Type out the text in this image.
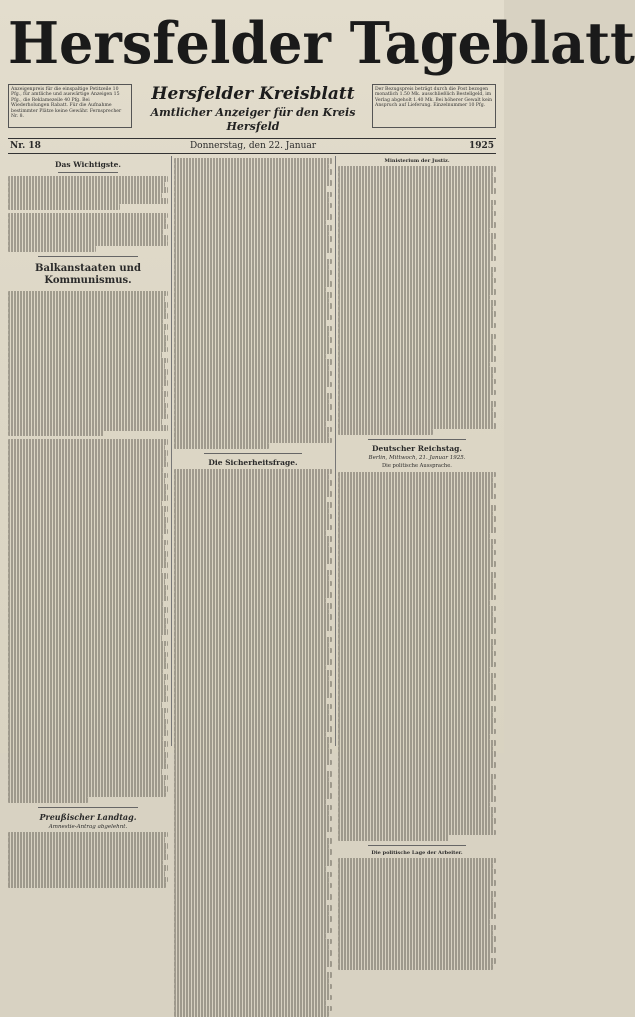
Hersfelder Tageblatt
Anzeigenpreis für die einspaltige Petitzeile 10 Pfg., für amtliche und auswärtige Anzeigen 15 Pfg., die Reklamezeile 40 Pfg. Bei Wiederholungen Rabatt. Für die Aufnahme bestimmter Plätze keine Gewähr. Fernsprecher Nr. 8.
Hersfelder Kreisblatt
Amtlicher Anzeiger für den Kreis Hersfeld
Der Bezugspreis beträgt durch die Post bezogen monatlich 1.50 Mk. ausschließlich Bestellgeld, im Verlag abgeholt 1.40 Mk. Bei höherer Gewalt kein Anspruch auf Lieferung. Einzelnummer 10 Pfg.
Nr. 18	Donnerstag, den 22. Januar	1925
Das Wichtigste.
Balkanstaaten und Kommunismus.
Preußischer Landtag.
Amnestie-Antrag abgelehnt.
Die Sicherheitsfrage.
Ministerium der Justiz.
Deutscher Reichstag.
Berlin, Mittwoch, 21. Januar 1925.
Die politische Aussprache.
Die politische Lage der Arbeiter.
